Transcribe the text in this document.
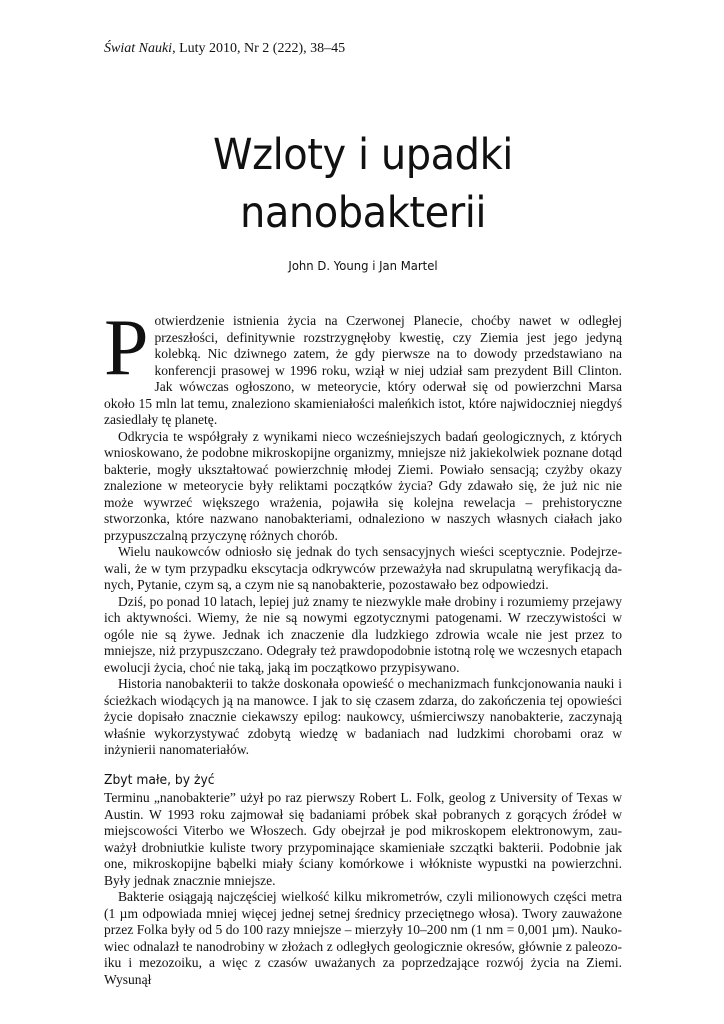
Świat Nauki, Luty 2010, Nr 2 (222), 38–45

Wzloty i upadki
nanobakterii

John D. Young i Jan Martel

Potwierdzenie istnienia życia na Czerwonej Planecie, choćby nawet w odległej przeszłości, definitywnie rozstrzygnęłoby kwestię, czy Ziemia jest jego jedyną kolebką. Nic dziwnego zatem, że gdy pierwsze na to dowody przedstawiano na konferencji prasowej w 1996 roku, wziął w niej udział sam prezydent Bill Clinton. Jak wówczas ogłoszono, w meteorycie, który oderwał się od powierzchni Marsa około 15 mln lat temu, znaleziono skamieniałości maleńkich istot, które najwidoczniej niegdyś zasiedlały tę planetę.

Odkrycia te współgrały z wynikami nieco wcześniejszych badań geologicznych, z których wnioskowano, że podobne mikroskopijne organizmy, mniejsze niż jakiekolwiek poznane dotąd bakterie, mogły ukształtować powierzchnię młodej Ziemi. Powiało sensacją; czyżby okazy znalezione w meteorycie były reliktami początków życia? Gdy zdawało się, że już nic nie może wywrzeć większego wrażenia, pojawiła się kolejna rewelacja – prehistoryczne stworzonka, które nazwano nanobakteriami, odnaleziono w naszych własnych ciałach jako przypuszczalną przyczynę różnych chorób.

Wielu naukowców odniosło się jednak do tych sensacyjnych wieści sceptycznie. Podejrzewali, że w tym przypadku ekscytacja odkrywców przeważyła nad skrupulatną weryfikacją danych, Pytanie, czym są, a czym nie są nanobakterie, pozostawało bez odpowiedzi.

Dziś, po ponad 10 latach, lepiej już znamy te niezwykle małe drobiny i rozumiemy przejawy ich aktywności. Wiemy, że nie są nowymi egzotycznymi patogenami. W rzeczywistości w ogóle nie są żywe. Jednak ich znaczenie dla ludzkiego zdrowia wcale nie jest przez to mniejsze, niż przypuszczano. Odegrały też prawdopodobnie istotną rolę we wczesnych etapach ewolucji życia, choć nie taką, jaką im początkowo przypisywano.

Historia nanobakterii to także doskonała opowieść o mechanizmach funkcjonowania nauki i ścieżkach wiodących ją na manowce. I jak to się czasem zdarza, do zakończenia tej opowieści życie dopisało znacznie ciekawszy epilog: naukowcy, uśmierciwszy nanobakterie, zaczynają właśnie wykorzystywać zdobytą wiedzę w badaniach nad ludzkimi chorobami oraz w inżynierii nanomateriałów.

Zbyt małe, by żyć

Terminu „nanobakterie” użył po raz pierwszy Robert L. Folk, geolog z University of Texas w Austin. W 1993 roku zajmował się badaniami próbek skał pobranych z gorących źródeł w miejscowości Viterbo we Włoszech. Gdy obejrzał je pod mikroskopem elektronowym, zauważył drobniutkie kuliste twory przypominające skamieniałe szczątki bakterii. Podobnie jak one, mikroskopijne bąbelki miały ściany komórkowe i włókniste wypustki na powierzchni. Były jednak znacznie mniejsze.

Bakterie osiągają najczęściej wielkość kilku mikrometrów, czyli milionowych części metra (1 µm odpowiada mniej więcej jednej setnej średnicy przeciętnego włosa). Twory zauważone przez Folka były od 5 do 100 razy mniejsze – mierzyły 10–200 nm (1 nm = 0,001 µm). Naukowiec odnalazł te nanodrobiny w złożach z odległych geologicznie okresów, głównie z paleozoiku i mezozoiku, a więc z czasów uważanych za poprzedzające rozwój życia na Ziemi. Wysunął
